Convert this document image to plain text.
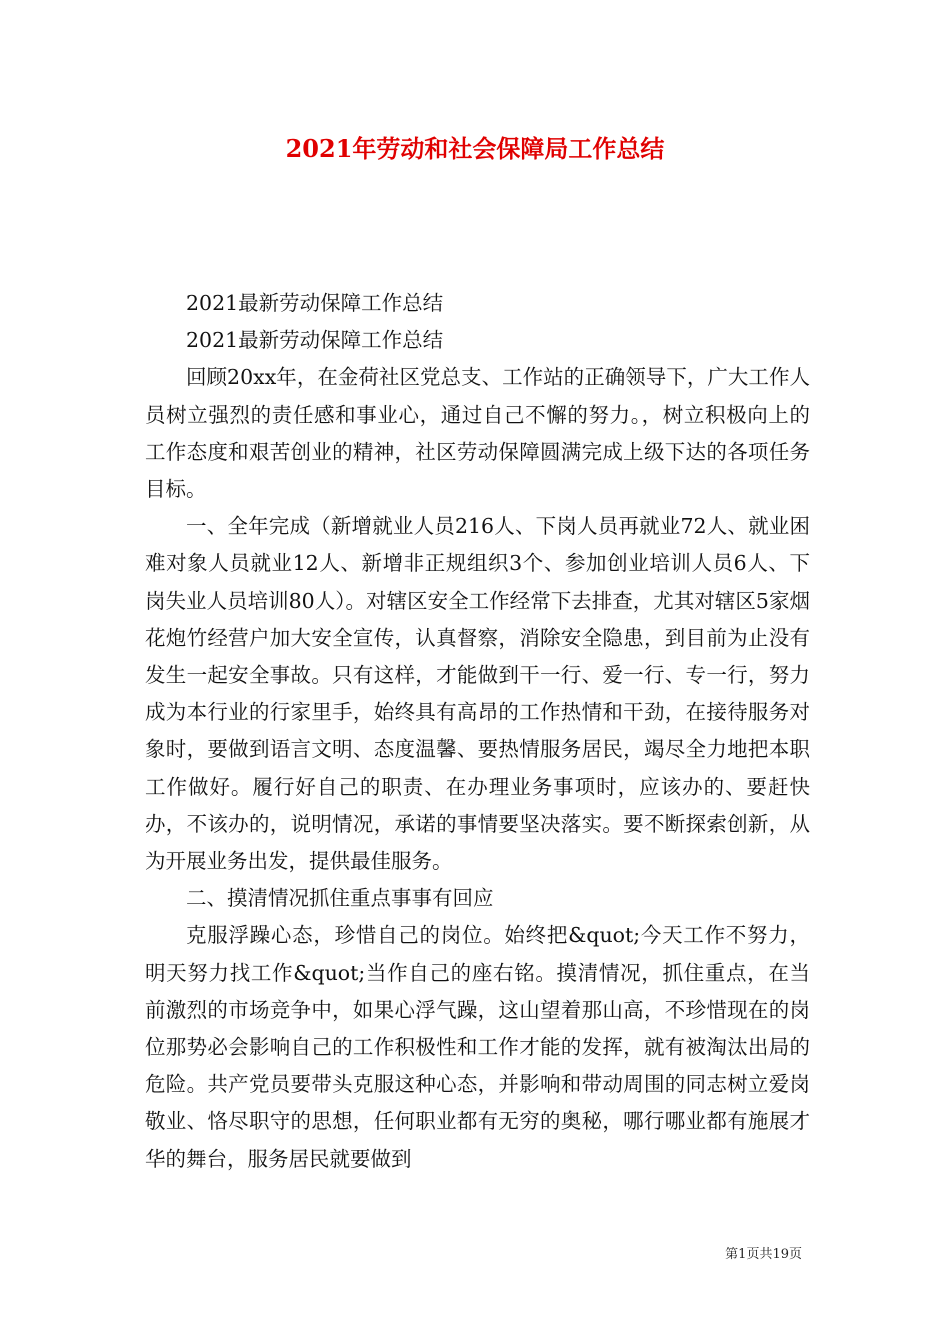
2021年劳动和社会保障局工作总结

2021最新劳动保障工作总结

2021最新劳动保障工作总结

回顾20xx年，在金荷社区党总支、工作站的正确领导下，广大工作人员树立强烈的责任感和事业心，通过自己不懈的努力。，树立积极向上的工作态度和艰苦创业的精神，社区劳动保障圆满完成上级下达的各项任务目标。

一、全年完成（新增就业人员216人、下岗人员再就业72人、就业困难对象人员就业12人、新增非正规组织3个、参加创业培训人员6人、下岗失业人员培训80人）。对辖区安全工作经常下去排查，尤其对辖区5家烟花炮竹经营户加大安全宣传，认真督察，消除安全隐患，到目前为止没有发生一起安全事故。只有这样，才能做到干一行、爱一行、专一行，努力成为本行业的行家里手，始终具有高昂的工作热情和干劲，在接待服务对象时，要做到语言文明、态度温馨、要热情服务居民，竭尽全力地把本职工作做好。履行好自己的职责、在办理业务事项时，应该办的、要赶快办，不该办的，说明情况，承诺的事情要坚决落实。要不断探索创新，从为开展业务出发，提供最佳服务。

二、摸清情况抓住重点事事有回应

克服浮躁心态，珍惜自己的岗位。始终把&quot;今天工作不努力，明天努力找工作&quot;当作自己的座右铭。摸清情况，抓住重点，在当前激烈的市场竞争中，如果心浮气躁，这山望着那山高，不珍惜现在的岗位那势必会影响自己的工作积极性和工作才能的发挥，就有被淘汰出局的危险。共产党员要带头克服这种心态，并影响和带动周围的同志树立爱岗敬业、恪尽职守的思想，任何职业都有无穷的奥秘，哪行哪业都有施展才华的舞台，服务居民就要做到

第1页共19页
